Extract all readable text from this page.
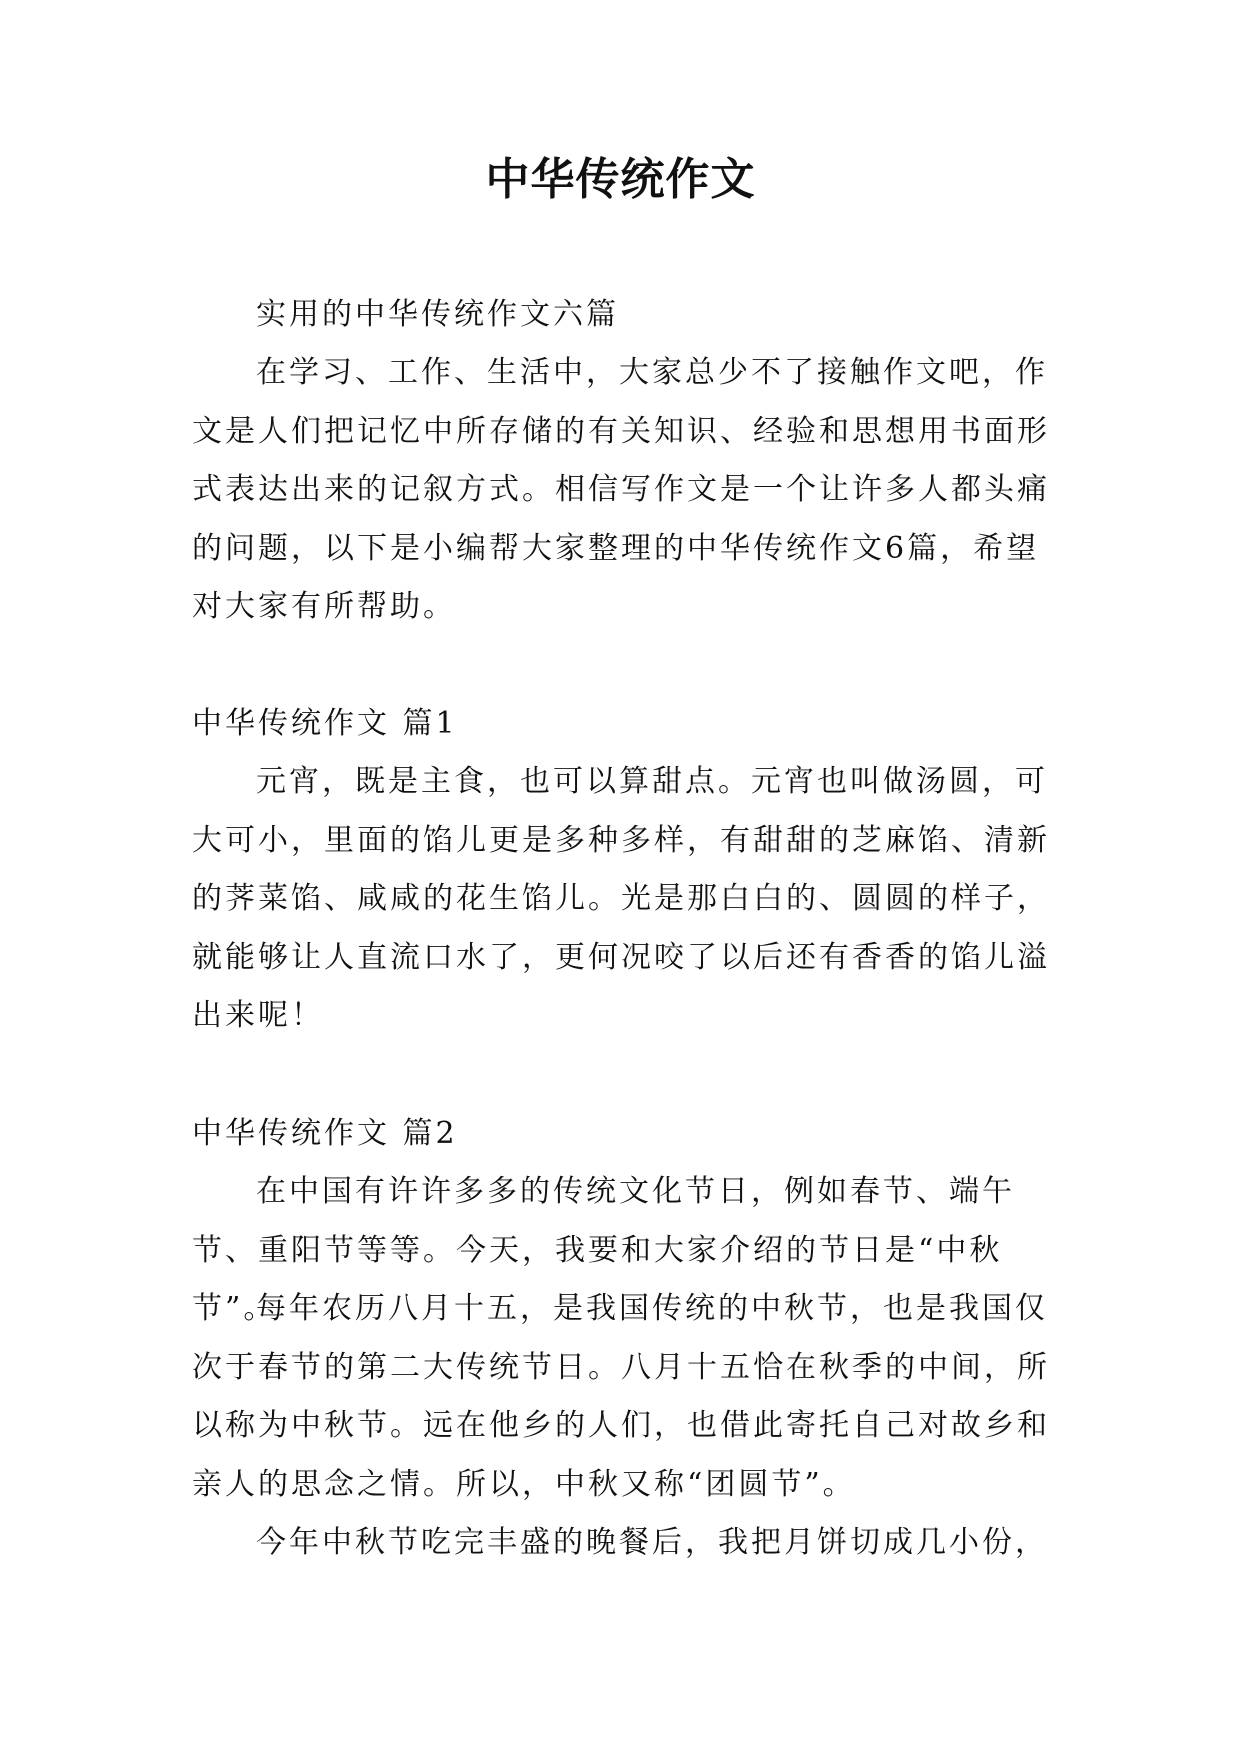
中华传统作文

实用的中华传统作文六篇

在学习、工作、生活中，大家总少不了接触作文吧，作文是人们把记忆中所存储的有关知识、经验和思想用书面形式表达出来的记叙方式。相信写作文是一个让许多人都头痛的问题，以下是小编帮大家整理的中华传统作文6篇，希望对大家有所帮助。

中华传统作文 篇1

元宵，既是主食，也可以算甜点。元宵也叫做汤圆，可大可小，里面的馅儿更是多种多样，有甜甜的芝麻馅、清新的荠菜馅、咸咸的花生馅儿。光是那白白的、圆圆的样子，就能够让人直流口水了，更何况咬了以后还有香香的馅儿溢出来呢！

中华传统作文 篇2

在中国有许许多多的传统文化节日，例如春节、端午节、重阳节等等。今天，我要和大家介绍的节日是“中秋节”。

每年农历八月十五，是我国传统的中秋节，也是我国仅次于春节的第二大传统节日。八月十五恰在秋季的中间，所以称为中秋节。远在他乡的人们，也借此寄托自己对故乡和亲人的思念之情。所以，中秋又称“团圆节”。

今年中秋节吃完丰盛的晚餐后，我把月饼切成几小份，
